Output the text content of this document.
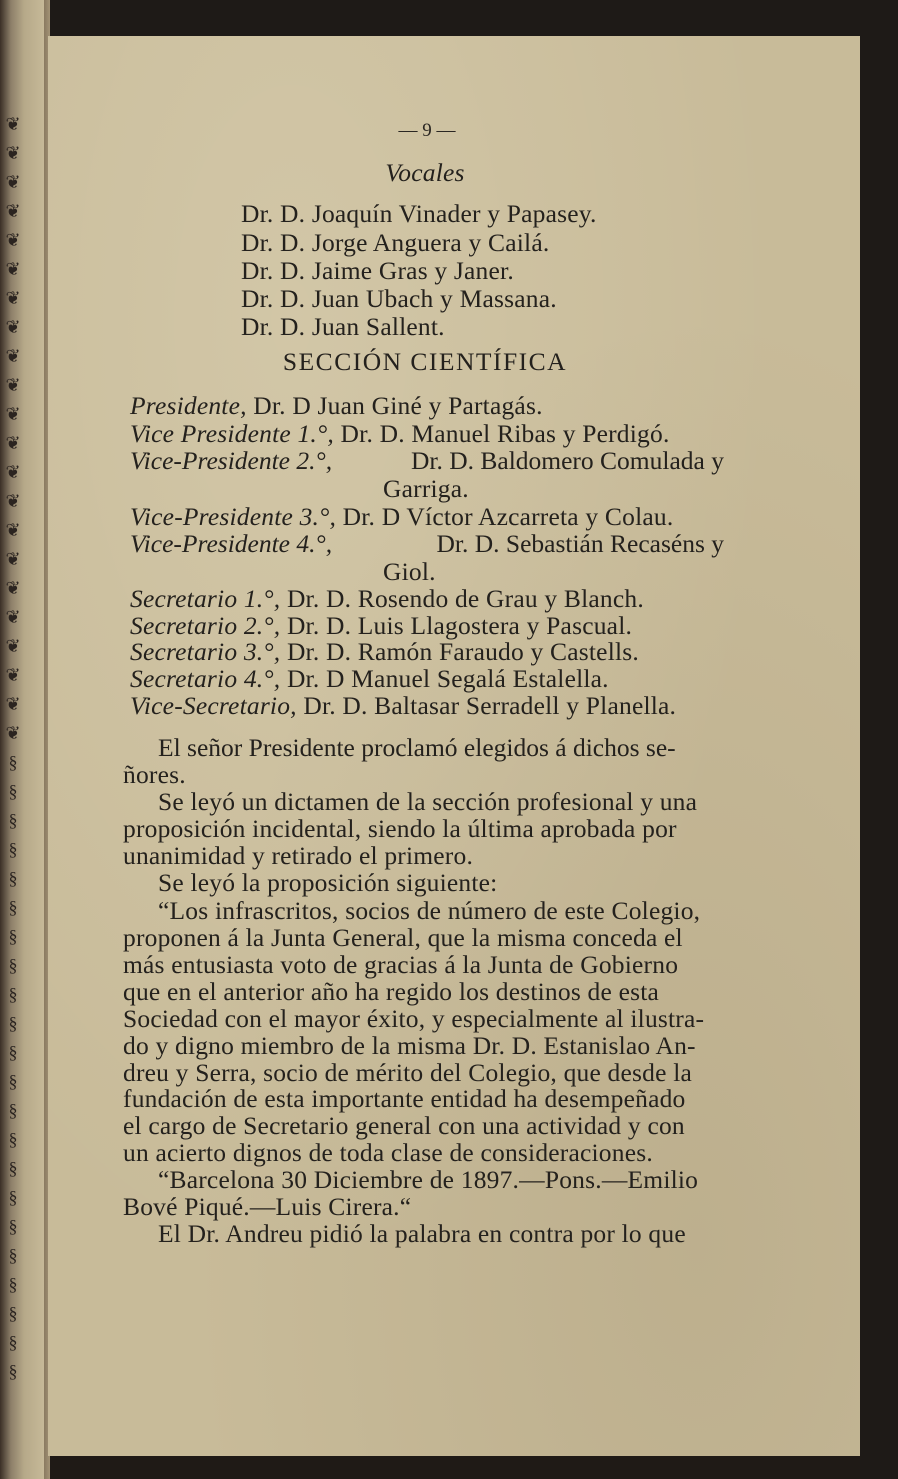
❦
❦
❦
❦
❦
❦
❦
❦
❦
❦
❦
❦
❦
❦
❦
❦
❦
❦
❦
❦
❦
❦
§
§
§
§
§
§
§
§
§
§
§
§
§
§
§
§
§
§
§
§
§
§
— 9 —
Vocales
Dr. D. Joaquín Vinader y Papasey.
Dr. D. Jorge Anguera y Cailá.
Dr. D. Jaime Gras y Janer.
Dr. D. Juan Ubach y Massana.
Dr. D. Juan Sallent.
SECCIÓN CIENTÍFICA
Presidente, Dr. D Juan Giné y Partagás.
Vice Presidente 1.°, Dr. D. Manuel Ribas y Perdigó.
Vice-Presidente 2.°,	Dr. D. Baldomero Comulada y
Garriga.
Vice-Presidente 3.°, Dr. D Víctor Azcarreta y Colau.
Vice-Presidente 4.°,	Dr. D. Sebastián Recaséns y
Giol.
Secretario 1.°, Dr. D. Rosendo de Grau y Blanch.
Secretario 2.°, Dr. D. Luis Llagostera y Pascual.
Secretario 3.°, Dr. D. Ramón Faraudo y Castells.
Secretario 4.°, Dr. D Manuel Segalá Estalella.
Vice-Secretario, Dr. D. Baltasar Serradell y Planella.
El señor Presidente proclamó elegidos á dichos se-
ñores.
Se leyó un dictamen de la sección profesional y una
proposición incidental, siendo la última aprobada por
unanimidad y retirado el primero.
Se leyó la proposición siguiente:
“Los infrascritos, socios de número de este Colegio,
proponen á la Junta General, que la misma conceda el
más entusiasta voto de gracias á la Junta de Gobierno
que en el anterior año ha regido los destinos de esta
Sociedad con el mayor éxito, y especialmente al ilustra-
do y digno miembro de la misma Dr. D. Estanislao An-
dreu y Serra, socio de mérito del Colegio, que desde la
fundación de esta importante entidad ha desempeñado
el cargo de Secretario general con una actividad y con
un acierto dignos de toda clase de consideraciones.
“Barcelona 30 Diciembre de 1897.—Pons.—Emilio
Bové Piqué.—Luis Cirera.“
El Dr. Andreu pidió la palabra en contra por lo que
